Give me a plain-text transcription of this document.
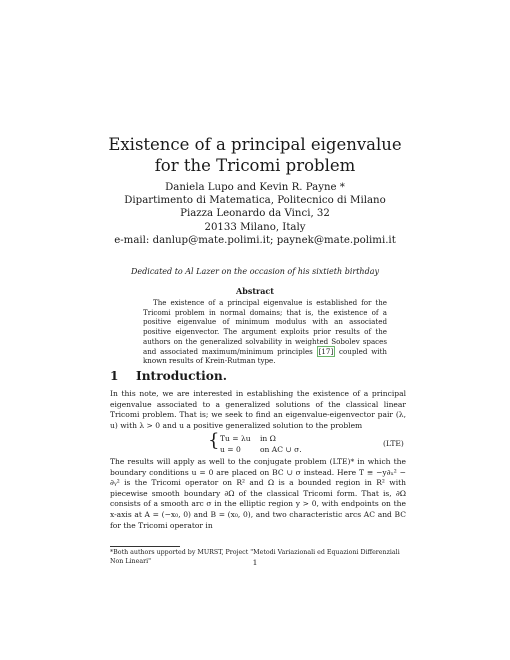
Existence of a principal eigenvalue for the Tricomi problem
Daniela Lupo and Kevin R. Payne *
Dipartimento di Matematica, Politecnico di Milano
Piazza Leonardo da Vinci, 32
20133 Milano, Italy
e-mail: danlup@mate.polimi.it; paynek@mate.polimi.it
Dedicated to Al Lazer on the occasion of his sixtieth birthday
Abstract
The existence of a principal eigenvalue is established for the Tricomi problem in normal domains; that is, the existence of a positive eigenvalue of minimum modulus with an associated positive eigenvector. The argument exploits prior results of the authors on the generalized solvability in weighted Sobolev spaces and associated maximum/minimum principles [17] coupled with known results of Krein-Rutman type.
1 Introduction.
In this note, we are interested in establishing the existence of a principal eigenvalue associated to a generalized solutions of the classical linear Tricomi problem. That is; we seek to find an eigenvalue-eigenvector pair (λ, u) with λ > 0 and u a positive generalized solution to the problem
{ Tu = λu in Ω
u = 0	on AC ∪ σ.
(LTE)
The results will apply as well to the conjugate problem (LTE)* in which the boundary conditions u = 0 are placed on BC ∪ σ instead. Here T ≡ −y∂ₓ² − ∂ᵧ² is the Tricomi operator on R² and Ω is a bounded region in R² with piecewise smooth boundary ∂Ω of the classical Tricomi form. That is, ∂Ω consists of a smooth arc σ in the elliptic region y > 0, with endpoints on the x-axis at A = (−x₀, 0) and B = (x₀, 0), and two characteristic arcs AC and BC for the Tricomi operator in
*Both authors upported by MURST, Project "Metodi Variazionali ed Equazioni Differenziali Non Lineari"	1
